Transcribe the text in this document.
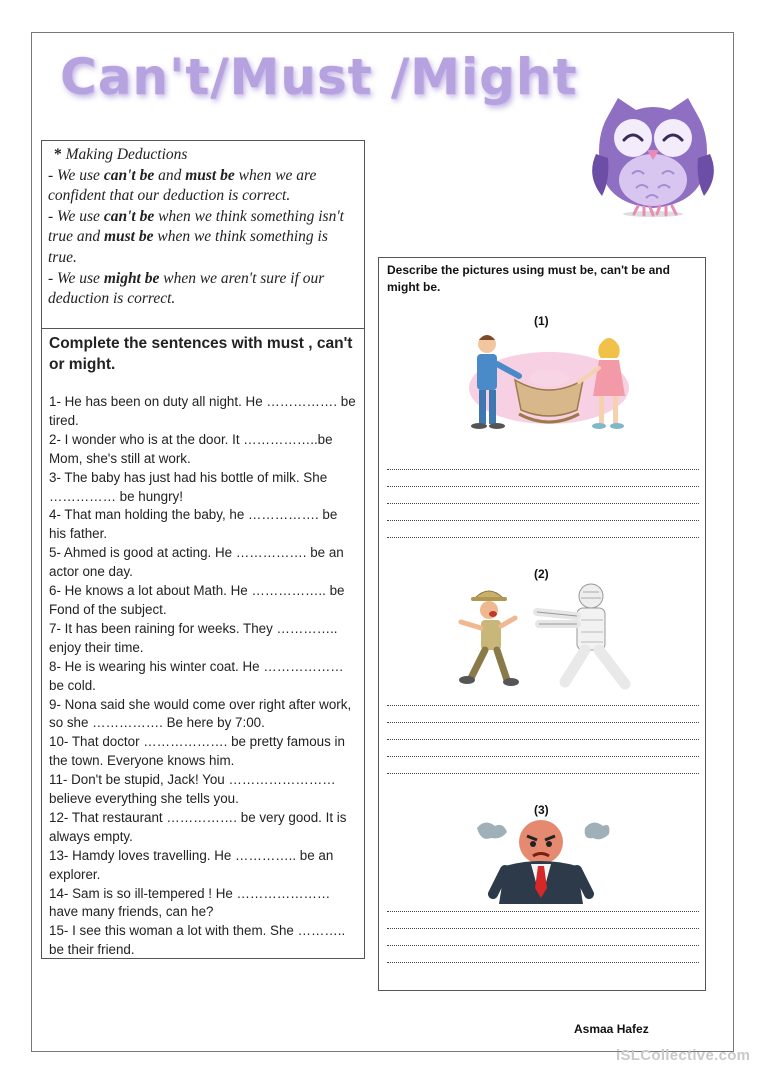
Can't/Must /Might
* Making Deductions
- We use can't be and must be when we are confident that our deduction is correct.
- We use can't be when we think something isn't true and must be when we think something is true.
- We use might be when we aren't sure if our deduction is correct.
Complete the sentences with must , can't or might.
1- He has been on duty all night. He ……………. be tired.
2- I wonder who is at the door. It ……………..be Mom, she's still at work.
3- The baby has just had his bottle of milk. She …………… be hungry!
4- That man holding the baby, he ……………. be his father.
5- Ahmed is good at acting. He ……………. be an actor one day.
6- He knows a lot about Math. He …………….. be Fond of the subject.
7- It has been raining for weeks. They ………….. enjoy their time.
8- He is wearing his winter coat. He ……………… be cold.
9- Nona said she would come over right after work, so she ……………. Be here by 7:00.
10- That doctor ………………. be pretty famous in the town. Everyone knows him.
11- Don't be stupid, Jack! You …………………… believe everything she tells you.
12- That restaurant ……………. be very good. It is always empty.
13- Hamdy loves travelling. He ………….. be an explorer.
14- Sam is so ill-tempered ! He ………………… have many friends, can he?
15- I see this woman a lot with them. She ……….. be their friend.
Describe the pictures using must be, can't be and might be.
(1)
(2)
(3)
Asmaa Hafez
iSLCollective.com
